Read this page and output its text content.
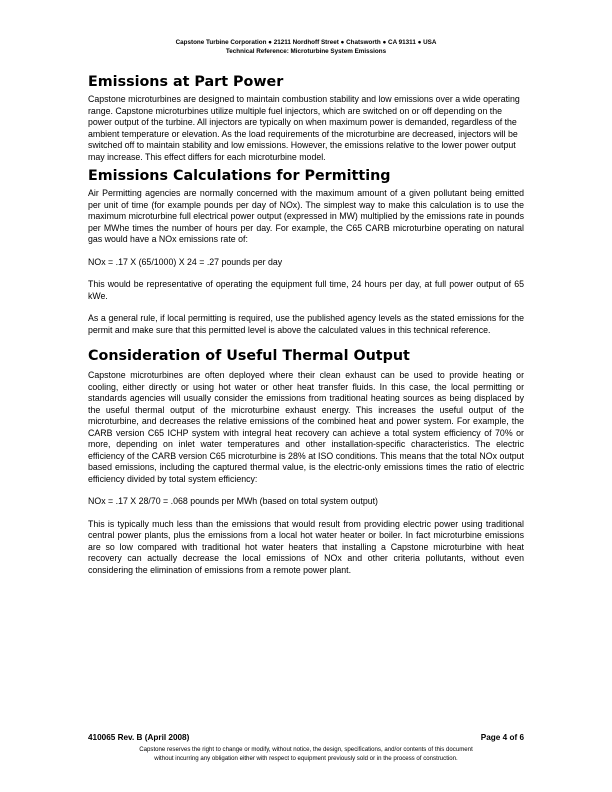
Capstone Turbine Corporation ● 21211 Nordhoff Street ● Chatsworth ● CA 91311 ● USA
Technical Reference: Microturbine System Emissions
Emissions at Part Power

Capstone microturbines are designed to maintain combustion stability and low emissions over a wide operating range. Capstone microturbines utilize multiple fuel injectors, which are switched on or off depending on the power output of the turbine. All injectors are typically on when maximum power is demanded, regardless of the ambient temperature or elevation. As the load requirements of the microturbine are decreased, injectors will be switched off to maintain stability and low emissions. However, the emissions relative to the lower power output may increase. This effect differs for each microturbine model.

Emissions Calculations for Permitting

Air Permitting agencies are normally concerned with the maximum amount of a given pollutant being emitted per unit of time (for example pounds per day of NOx). The simplest way to make this calculation is to use the maximum microturbine full electrical power output (expressed in MW) multiplied by the emissions rate in pounds per MWhe times the number of hours per day. For example, the C65 CARB microturbine operating on natural gas would have a NOx emissions rate of:

NOx = .17 X (65/1000) X 24 = .27 pounds per day

This would be representative of operating the equipment full time, 24 hours per day, at full power output of 65 kWe.

As a general rule, if local permitting is required, use the published agency levels as the stated emissions for the permit and make sure that this permitted level is above the calculated values in this technical reference.

Consideration of Useful Thermal Output

Capstone microturbines are often deployed where their clean exhaust can be used to provide heating or cooling, either directly or using hot water or other heat transfer fluids. In this case, the local permitting or standards agencies will usually consider the emissions from traditional heating sources as being displaced by the useful thermal output of the microturbine exhaust energy. This increases the useful output of the microturbine, and decreases the relative emissions of the combined heat and power system. For example, the CARB version C65 ICHP system with integral heat recovery can achieve a total system efficiency of 70% or more, depending on inlet water temperatures and other installation-specific characteristics. The electric efficiency of the CARB version C65 microturbine is 28% at ISO conditions. This means that the total NOx output based emissions, including the captured thermal value, is the electric-only emissions times the ratio of electric efficiency divided by total system efficiency:

NOx = .17 X 28/70 = .068 pounds per MWh (based on total system output)

This is typically much less than the emissions that would result from providing electric power using traditional central power plants, plus the emissions from a local hot water heater or boiler. In fact microturbine emissions are so low compared with traditional hot water heaters that installing a Capstone microturbine with heat recovery can actually decrease the local emissions of NOx and other criteria pollutants, without even considering the elimination of emissions from a remote power plant.

410065 Rev. B (April 2008)	Page 4 of 6
Capstone reserves the right to change or modify, without notice, the design, specifications, and/or contents of this document
without incurring any obligation either with respect to equipment previously sold or in the process of construction.
